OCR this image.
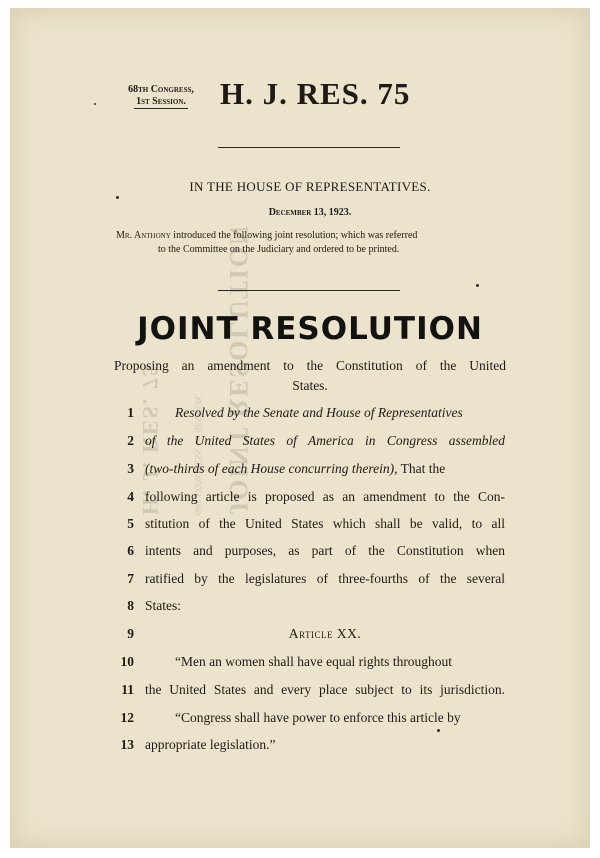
JOINT RESOLUTION
68th CONGRESS, 1st SESSION.
H. J. RES. 75
68th Congress,
1st Session.	H. J. RES. 75
IN THE HOUSE OF REPRESENTATIVES.
December 13, 1923.
Mr. Anthony introduced the following joint resolution; which was referred
to the Committee on the Judiciary and ordered to be printed.
JOINT RESOLUTION
Proposing an amendment to the Constitution of the United
States.
1	Resolved by the Senate and House of Representatives
2 of the United States of America in Congress assembled
3 (two-thirds of each House concurring therein), That the
4 following article is proposed as an amendment to the Con-
5 stitution of the United States which shall be valid, to all
6 intents and purposes, as part of the Constitution when
7 ratified by the legislatures of three-fourths of the several
8 States:
9	Article XX.
10	“Men an women shall have equal rights throughout
11 the United States and every place subject to its jurisdiction.
12	“Congress shall have power to enforce this article by
13 appropriate legislation.”
